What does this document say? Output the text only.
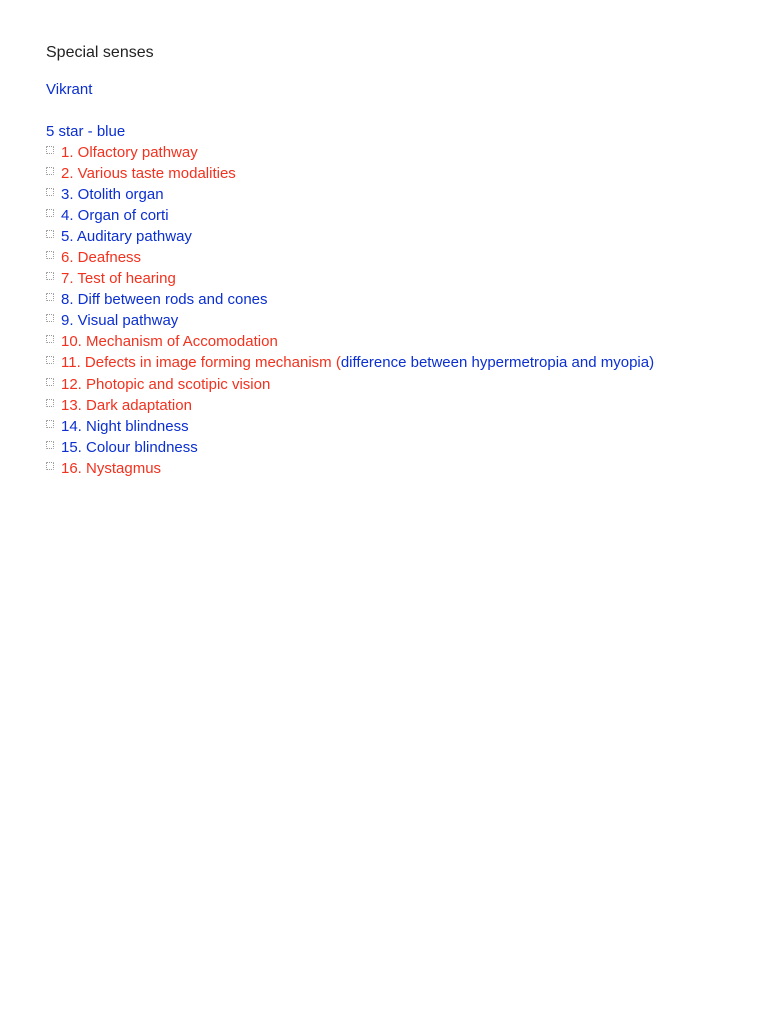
Special senses
Vikrant
5 star - blue
1. Olfactory pathway
2. Various taste modalities
3. Otolith organ
4. Organ of corti
5. Auditary pathway
6. Deafness
7. Test of hearing
8. Diff between rods and cones
9. Visual pathway
10. Mechanism of Accomodation
11. Defects in image forming mechanism ( difference between hypermetropia and myopia)
12. Photopic and scotipic vision
13. Dark adaptation
14. Night blindness
15. Colour blindness
16. Nystagmus
